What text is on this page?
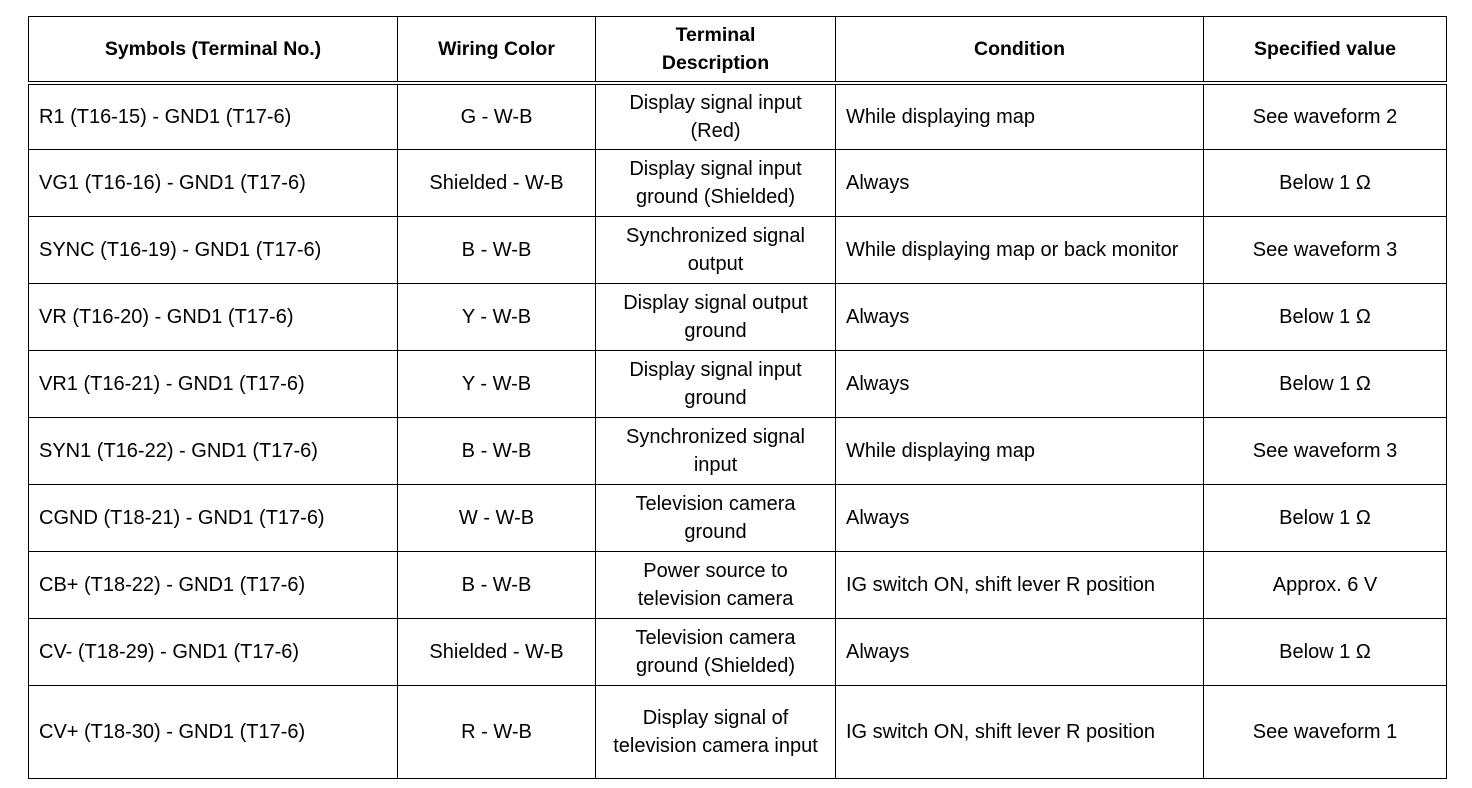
Symbols (Terminal No.)	Wiring Color	Terminal Description	Condition	Specified value
R1 (T16-15) - GND1 (T17-6)	G - W-B	Display signal input (Red)	While displaying map	See waveform 2
VG1 (T16-16) - GND1 (T17-6)	Shielded - W-B	Display signal input ground (Shielded)	Always	Below 1 Ω
SYNC (T16-19) - GND1 (T17-6)	B - W-B	Synchronized signal output	While displaying map or back monitor	See waveform 3
VR (T16-20) - GND1 (T17-6)	Y - W-B	Display signal output ground	Always	Below 1 Ω
VR1 (T16-21) - GND1 (T17-6)	Y - W-B	Display signal input ground	Always	Below 1 Ω
SYN1 (T16-22) - GND1 (T17-6)	B - W-B	Synchronized signal input	While displaying map	See waveform 3
CGND (T18-21) - GND1 (T17-6)	W - W-B	Television camera ground	Always	Below 1 Ω
CB+ (T18-22) - GND1 (T17-6)	B - W-B	Power source to television camera	IG switch ON, shift lever R position	Approx. 6 V
CV- (T18-29) - GND1 (T17-6)	Shielded - W-B	Television camera ground (Shielded)	Always	Below 1 Ω
CV+ (T18-30) - GND1 (T17-6)	R - W-B	Display signal of television camera input	IG switch ON, shift lever R position	See waveform 1
